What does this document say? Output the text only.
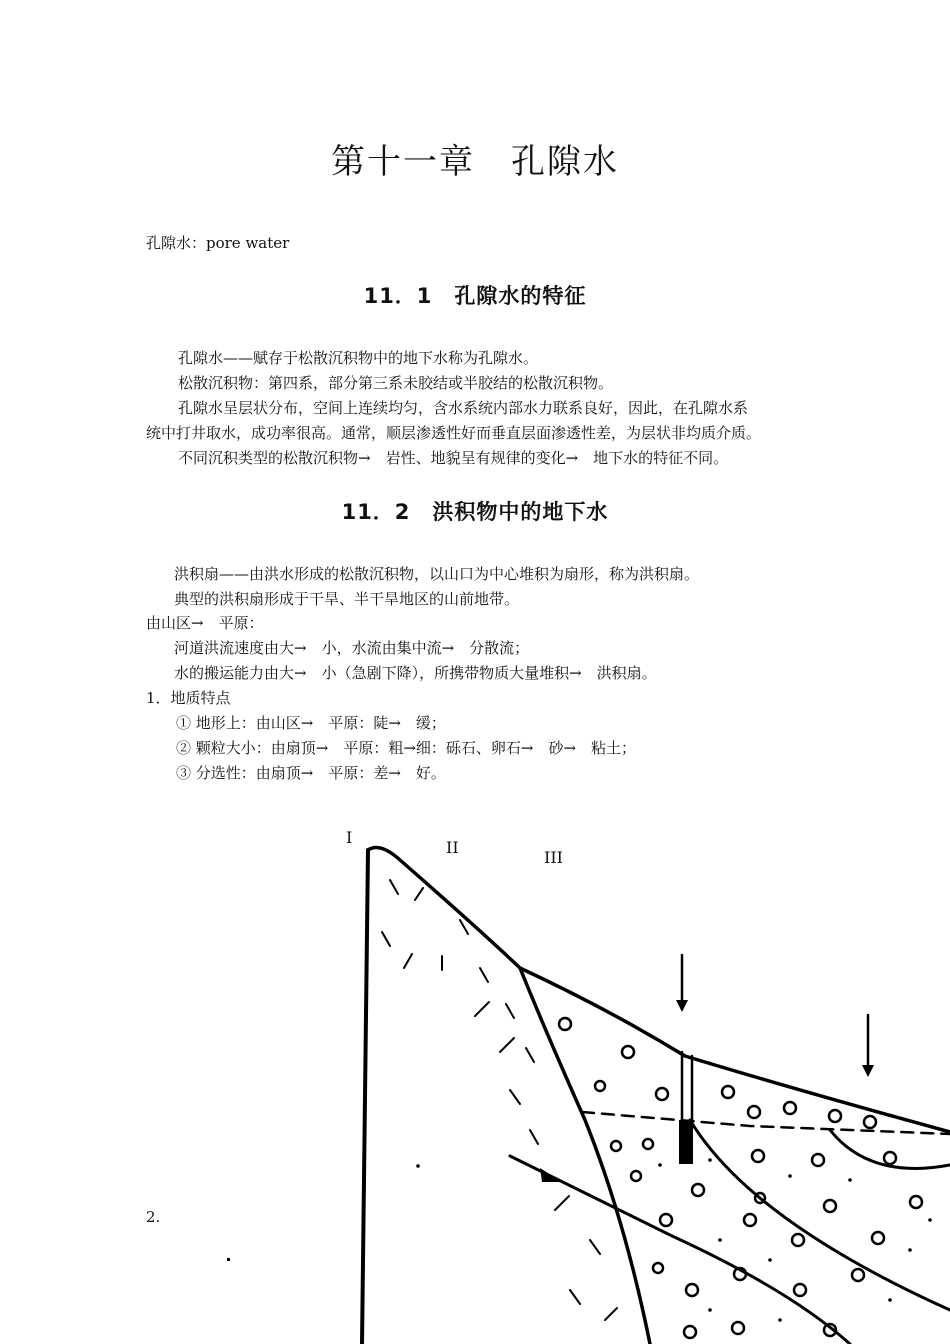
第十一章　孔隙水
孔隙水：pore water
11．1　孔隙水的特征
孔隙水——赋存于松散沉积物中的地下水称为孔隙水。
松散沉积物：第四系，部分第三系未胶结或半胶结的松散沉积物。
孔隙水呈层状分布，空间上连续均匀，含水系统内部水力联系良好，因此，在孔隙水系
统中打井取水，成功率很高。通常，顺层渗透性好而垂直层面渗透性差，为层状非均质介质。
不同沉积类型的松散沉积物→　岩性、地貌呈有规律的变化→　地下水的特征不同。
11．2　洪积物中的地下水
洪积扇——由洪水形成的松散沉积物，以山口为中心堆积为扇形，称为洪积扇。
典型的洪积扇形成于干旱、半干旱地区的山前地带。
由山区→　平原：
河道洪流速度由大→　小，水流由集中流→　分散流；
水的搬运能力由大→　小（急剧下降），所携带物质大量堆积→　洪积扇。
1．地质特点
① 地形上：由山区→　平原：陡→　缓；
② 颗粒大小：由扇顶→　平原：粗→细：砾石、卵石→　砂→　粘土；
③ 分选性：由扇顶→　平原：差→　好。
2.
I
II
III
